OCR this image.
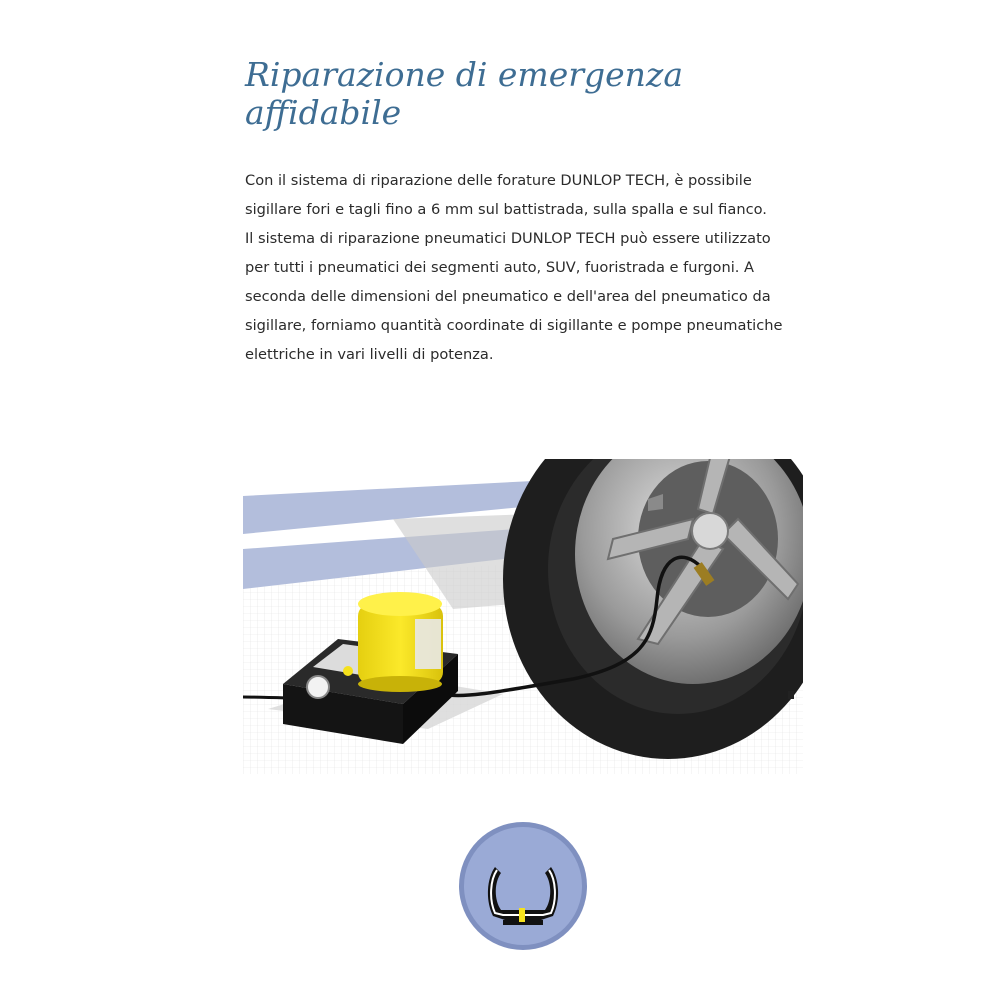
Riparazione di emergenza
affidabile

Con il sistema di riparazione delle forature DUNLOP TECH, è possibile
sigillare fori e tagli fino a 6 mm sul battistrada, sulla spalla e sul fianco.
Il sistema di riparazione pneumatici DUNLOP TECH può essere utilizzato
per tutti i pneumatici dei segmenti auto, SUV, fuoristrada e furgoni. A
seconda delle dimensioni del pneumatico e dell'area del pneumatico da
sigillare, forniamo quantità coordinate di sigillante e pompe pneumatiche
elettriche in vari livelli di potenza.
